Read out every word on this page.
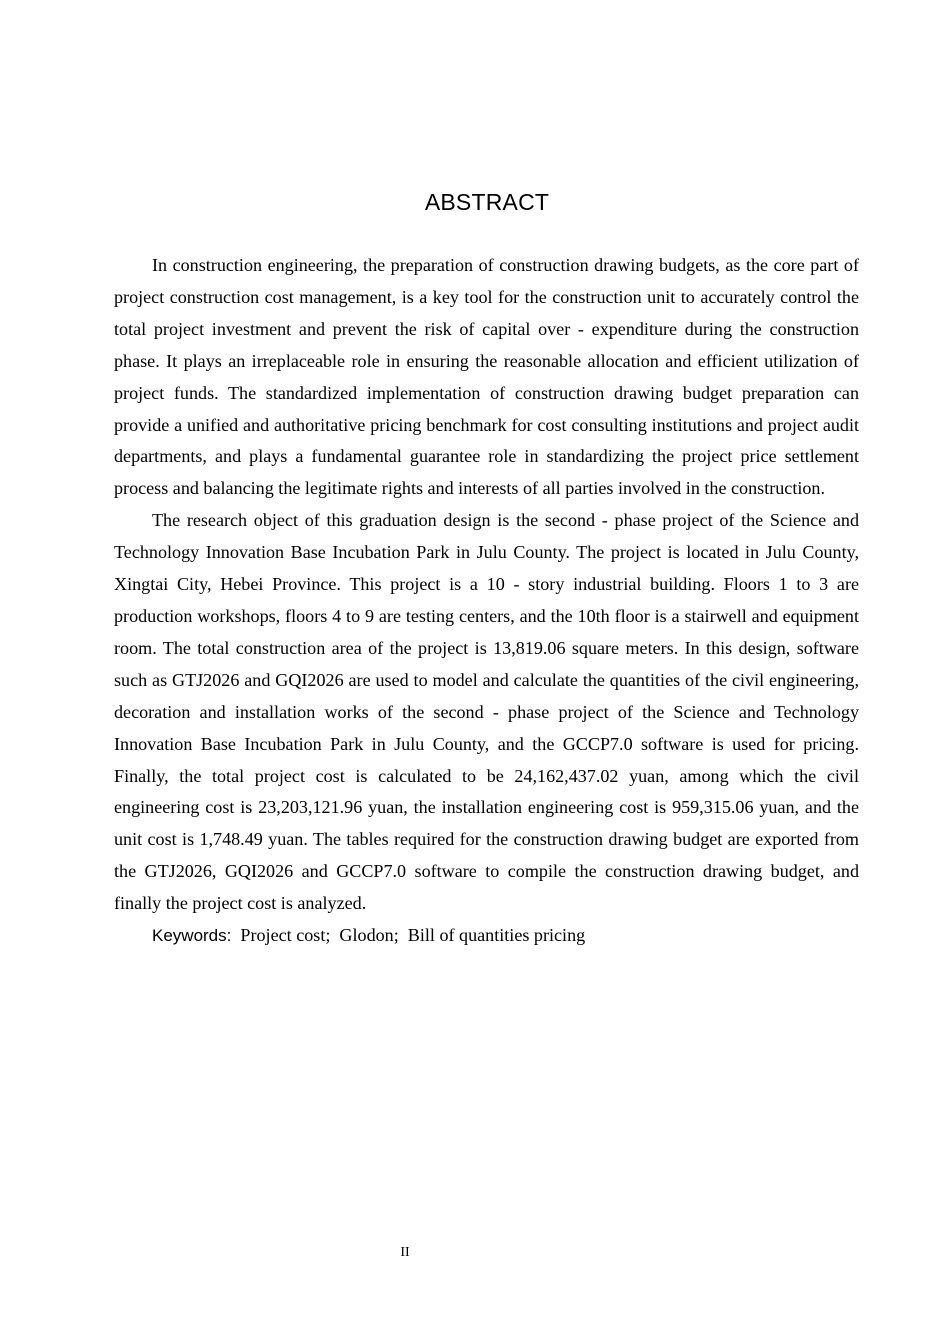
ABSTRACT

In construction engineering, the preparation of construction drawing budgets, as the core part of project construction cost management, is a key tool for the construction unit to accurately control the total project investment and prevent the risk of capital over - expenditure during the construction phase. It plays an irreplaceable role in ensuring the reasonable allocation and efficient utilization of project funds. The standardized implementation of construction drawing budget preparation can provide a unified and authoritative pricing benchmark for cost consulting institutions and project audit departments, and plays a fundamental guarantee role in standardizing the project price settlement process and balancing the legitimate rights and interests of all parties involved in the construction.

The research object of this graduation design is the second - phase project of the Science and Technology Innovation Base Incubation Park in Julu County. The project is located in Julu County, Xingtai City, Hebei Province. This project is a 10 - story industrial building. Floors 1 to 3 are production workshops, floors 4 to 9 are testing centers, and the 10th floor is a stairwell and equipment room. The total construction area of the project is 13,819.06 square meters. In this design, software such as GTJ2026 and GQI2026 are used to model and calculate the quantities of the civil engineering, decoration and installation works of the second - phase project of the Science and Technology Innovation Base Incubation Park in Julu County, and the GCCP7.0 software is used for pricing. Finally, the total project cost is calculated to be 24,162,437.02 yuan, among which the civil engineering cost is 23,203,121.96 yuan, the installation engineering cost is 959,315.06 yuan, and the unit cost is 1,748.49 yuan. The tables required for the construction drawing budget are exported from the GTJ2026, GQI2026 and GCCP7.0 software to compile the construction drawing budget, and finally the project cost is analyzed.

Keywords: Project cost; Glodon; Bill of quantities pricing

II
